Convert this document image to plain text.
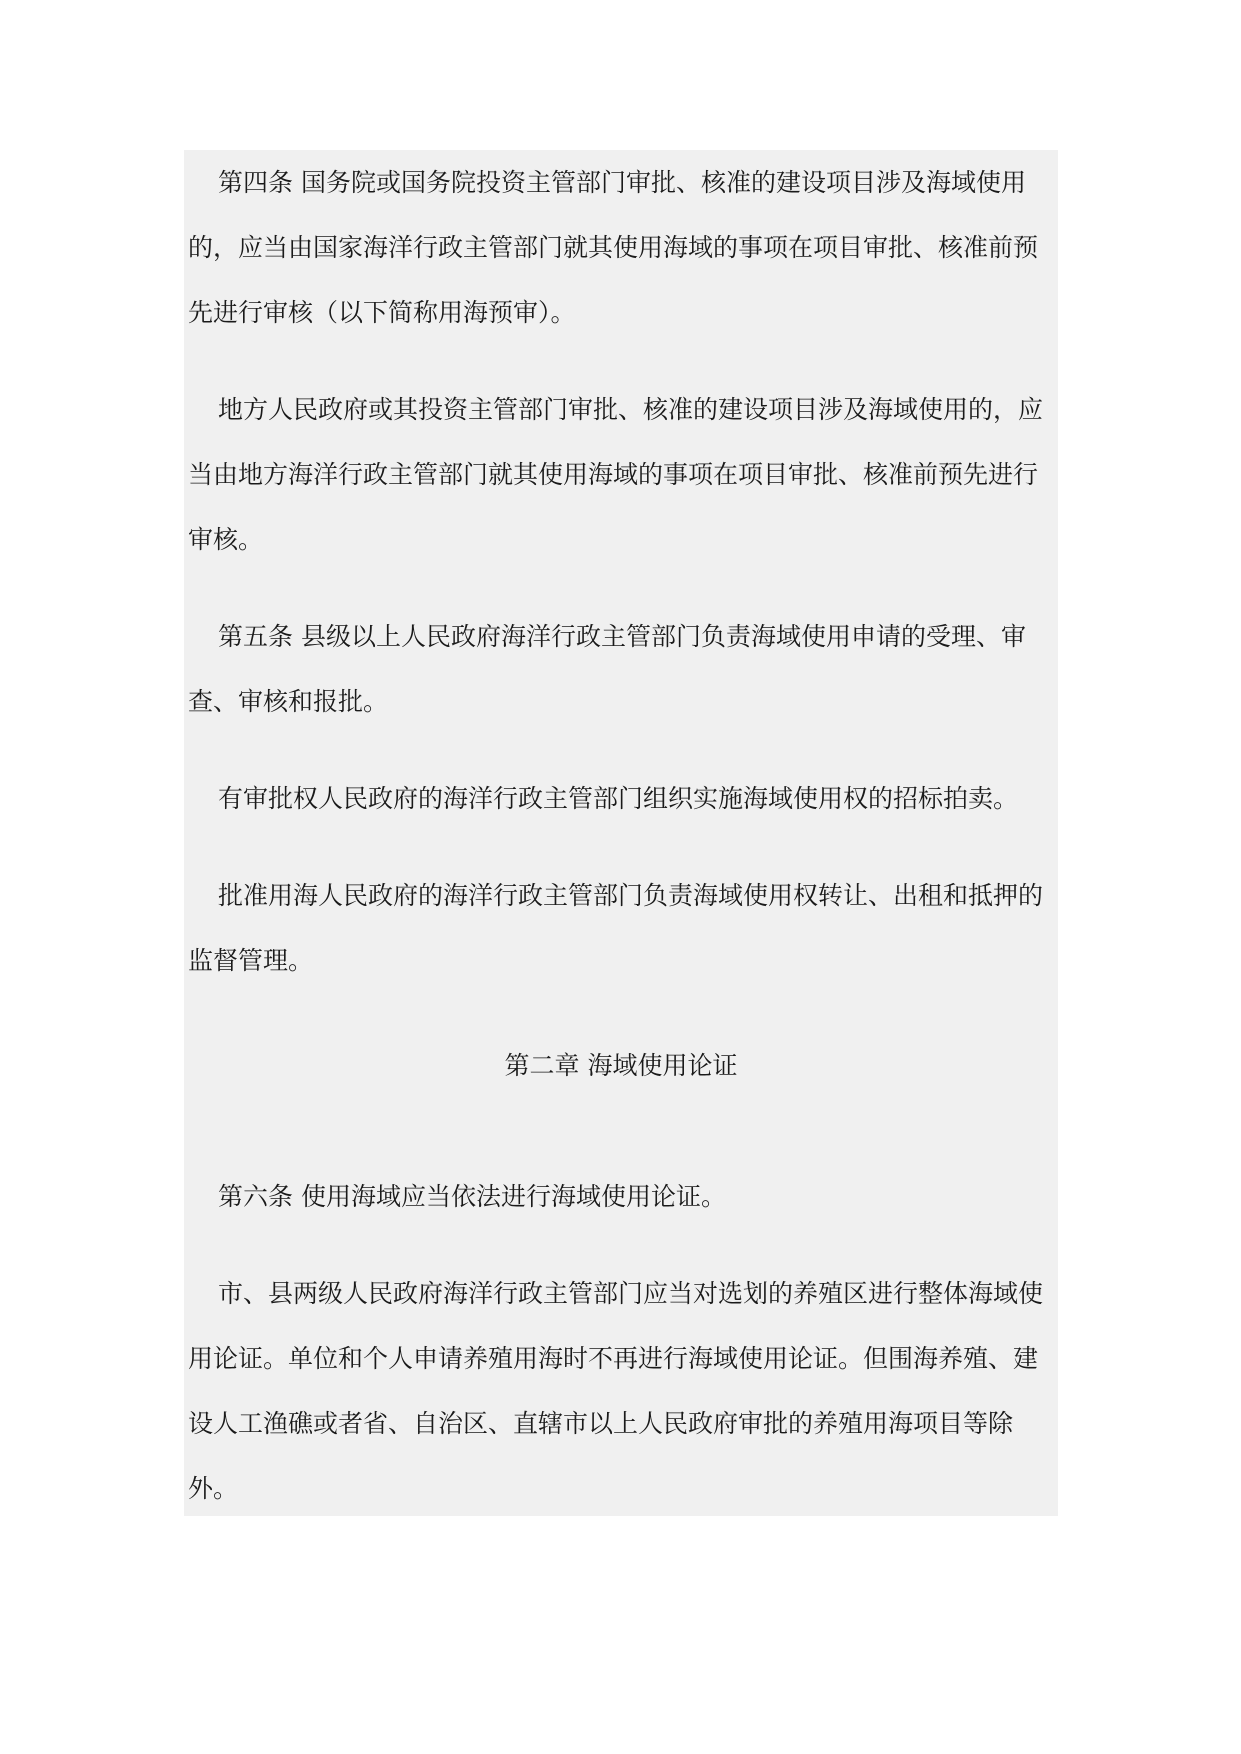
第四条 国务院或国务院投资主管部门审批、核准的建设项目涉及海域使用的，应当由国家海洋行政主管部门就其使用海域的事项在项目审批、核准前预先进行审核（以下简称用海预审）。

地方人民政府或其投资主管部门审批、核准的建设项目涉及海域使用的，应当由地方海洋行政主管部门就其使用海域的事项在项目审批、核准前预先进行审核。

第五条 县级以上人民政府海洋行政主管部门负责海域使用申请的受理、审查、审核和报批。

有审批权人民政府的海洋行政主管部门组织实施海域使用权的招标拍卖。

批准用海人民政府的海洋行政主管部门负责海域使用权转让、出租和抵押的监督管理。

第二章 海域使用论证

第六条 使用海域应当依法进行海域使用论证。

市、县两级人民政府海洋行政主管部门应当对选划的养殖区进行整体海域使用论证。单位和个人申请养殖用海时不再进行海域使用论证。但围海养殖、建设人工渔礁或者省、自治区、直辖市以上人民政府审批的养殖用海项目等除外。
